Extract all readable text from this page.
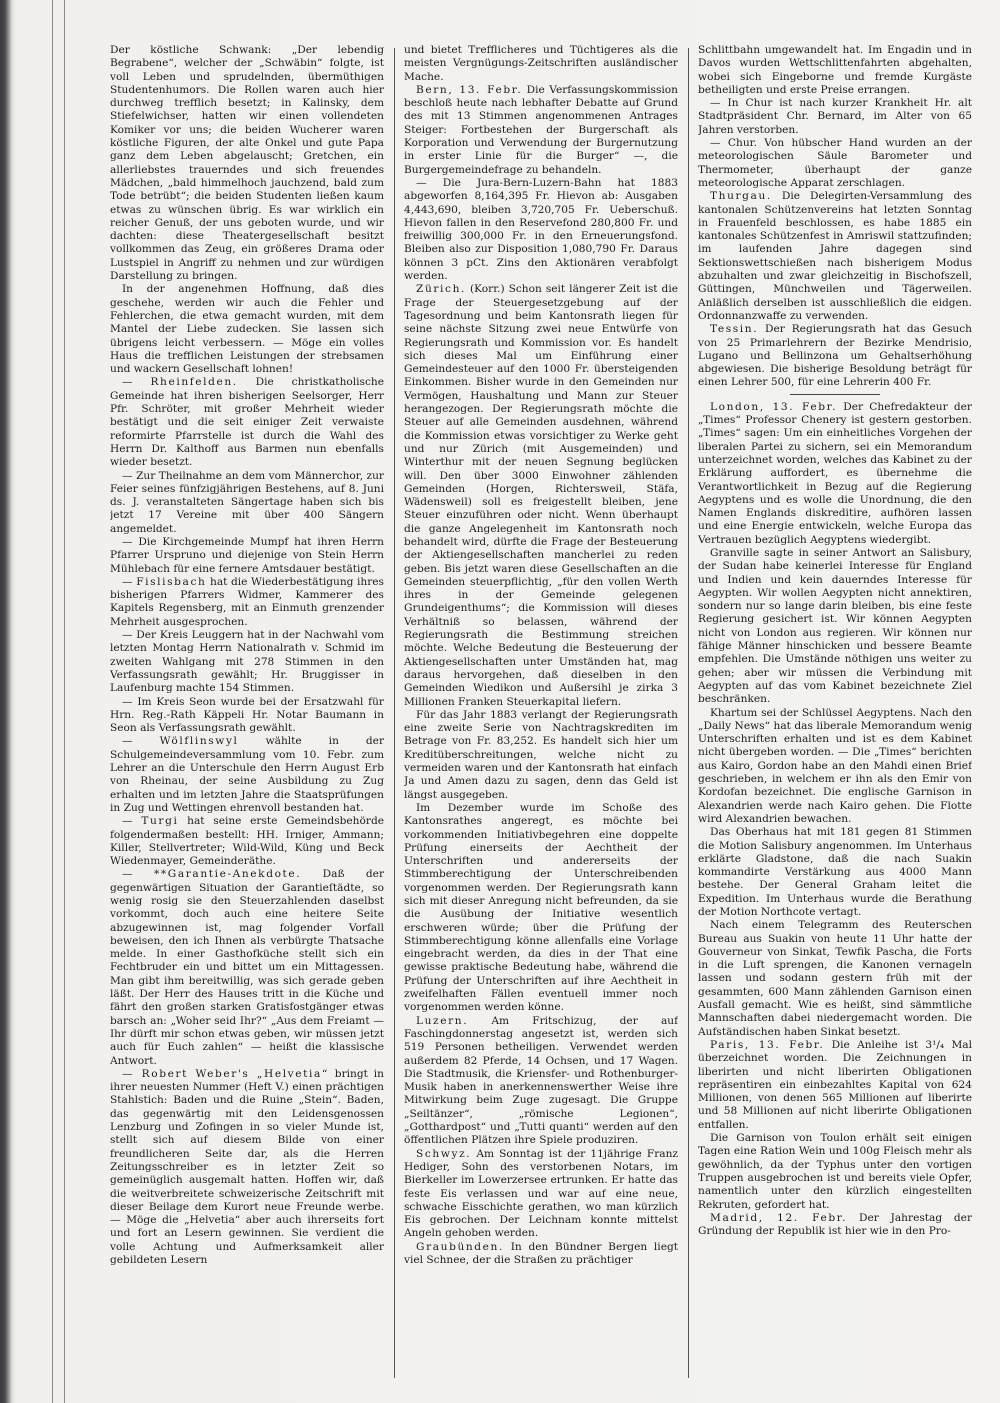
Der köstliche Schwank: „Der lebendig Begrabene“, welcher der „Schwäbin“ folgte, ist voll Leben und sprudelnden, übermüthigen Studentenhumors. Die Rollen waren auch hier durchweg trefflich besetzt; in Kalinsky, dem Stiefelwichser, hatten wir einen vollendeten Komiker vor uns; die beiden Wucherer waren köstliche Figuren, der alte Onkel und gute Papa ganz dem Leben abgelauscht; Gretchen, ein allerliebstes trauerndes und sich freuendes Mädchen, „bald himmelhoch jauchzend, bald zum Tode betrübt“; die beiden Studenten ließen kaum etwas zu wünschen übrig. Es war wirklich ein reicher Genuß, der uns geboten wurde, und wir dachten: diese Theatergesellschaft besitzt vollkommen das Zeug, ein größeres Drama oder Lustspiel in Angriff zu nehmen und zur würdigen Darstellung zu bringen.

In der angenehmen Hoffnung, daß dies geschehe, werden wir auch die Fehler und Fehlerchen, die etwa gemacht wurden, mit dem Mantel der Liebe zudecken. Sie lassen sich übrigens leicht verbessern. — Möge ein volles Haus die trefflichen Leistungen der strebsamen und wackern Gesellschaft lohnen!

— Rheinfelden. Die christkatholische Gemeinde hat ihren bisherigen Seelsorger, Herr Pfr. Schröter, mit großer Mehrheit wieder bestätigt und die seit einiger Zeit verwaiste reformirte Pfarrstelle ist durch die Wahl des Herrn Dr. Kalthoff aus Barmen nun ebenfalls wieder besetzt.

— Zur Theilnahme an dem vom Männerchor, zur Feier seines fünfzigjährigen Bestehens, auf 8. Juni ds. J. veranstalteten Sängertage haben sich bis jetzt 17 Vereine mit über 400 Sängern angemeldet.

— Die Kirchgemeinde Mumpf hat ihren Herrn Pfarrer Urspruno und diejenige von Stein Herrn Mühlebach für eine fernere Amtsdauer bestätigt.

— Fislisbach hat die Wiederbestätigung ihres bisherigen Pfarrers Widmer, Kammerer des Kapitels Regensberg, mit an Einmuth grenzender Mehrheit ausgesprochen.

— Der Kreis Leuggern hat in der Nachwahl vom letzten Montag Herrn Nationalrath v. Schmid im zweiten Wahlgang mit 278 Stimmen in den Verfassungsrath gewählt; Hr. Bruggisser in Laufenburg machte 154 Stimmen.

— Im Kreis Seon wurde bei der Ersatzwahl für Hrn. Reg.-Rath Käppeli Hr. Notar Baumann in Seon als Verfassungsrath gewählt.

— Wölflinswyl	wählte in der Schulgemeindeversammlung vom 10. Febr. zum Lehrer an die Unterschule den Herrn August Erb von Rheinau, der seine Ausbildung zu Zug erhalten und im letzten Jahre die Staatsprüfungen in Zug und Wettingen ehrenvoll bestanden hat.

— Turgi hat seine erste Gemeindsbehörde folgendermaßen bestellt: HH. Irniger, Ammann; Killer, Stellvertreter; Wild-Wild, Küng und Beck Wiedenmayer, Gemeinderäthe.

— **Garantie-Anekdote. Daß der gegenwärtigen Situation der Garantieſtädte, so wenig rosig sie den Steuerzahlenden daselbst vorkommt, doch auch eine heitere Seite abzugewinnen ist, mag folgender Vorfall beweisen, den ich Ihnen als verbürgte Thatsache melde. In einer Gasthofküche stellt sich ein Fechtbruder ein und bittet um ein Mittagessen. Man gibt ihm bereitwillig, was sich gerade geben läßt. Der Herr des Hauses tritt in die Küche und fährt den großen starken Gratisfostgänger etwas barsch an: „Woher seid Ihr?“ „Aus dem Freiamt — Ihr dürft mir schon etwas geben, wir müssen jetzt auch für Euch zahlen“ — heißt die klassische Antwort.

— Robert Weber's „Helvetia“ bringt in ihrer neuesten Nummer (Heft V.) einen prächtigen Stahlstich: Baden und die Ruine „Stein“. Baden, das gegenwärtig mit den Leidensgenossen Lenzburg und Zofingen in so vieler Munde ist, stellt sich auf diesem Bilde von einer freundlicheren Seite dar, als die Herren Zeitungsschreiber es in letzter Zeit so gemeinüglich ausgemalt hatten. Hoffen wir, daß die weitverbreitete schweizerische Zeitschrift mit dieser Beilage dem Kurort neue Freunde werbe. — Möge die „Helvetia“ aber auch ihrerseits fort und fort an Lesern gewinnen. Sie verdient die volle Achtung und Aufmerksamkeit aller gebildeten Lesern

und bietet Trefflicheres und Tüchtigeres als die meisten Vergnügungs-Zeitschriften ausländischer Mache.

Bern, 13. Febr. Die Verfassungskommission beschloß heute nach lebhafter Debatte auf Grund des mit 13 Stimmen angenommenen Antrages Steiger: Fortbestehen der Burgerschaft als Korporation und Verwendung der Burgernutzung in erster Linie für die Burger“ —, die Burgergemeindefrage zu behandeln.

— Die Jura-Bern-Luzern-Bahn hat 1883 abgeworfen 8,164,395 Fr. Hievon ab: Ausgaben 4,443,690, bleiben 3,720,705 Fr. Ueberschuß. Hievon fallen in den Reservefond 280,800 Fr. und freiwillig 300,000 Fr. in den Erneuerungsfond. Bleiben also zur Disposition 1,080,790 Fr. Daraus können 3 pCt. Zins den Aktionären verabfolgt werden.

Zürich. (Korr.) Schon seit längerer Zeit ist die Frage der Steuergesetzgebung auf der Tagesordnung und beim Kantonsrath liegen für seine nächste Sitzung zwei neue Entwürfe von Regierungsrath und Kommission vor. Es handelt sich dieses Mal um Einführung einer Gemeindesteuer auf den 1000 Fr. übersteigenden Einkommen. Bisher wurde in den Gemeinden nur Vermögen, Haushaltung und Mann zur Steuer herangezogen. Der Regierungsrath möchte die Steuer auf alle Gemeinden ausdehnen, während die Kommission etwas vorsichtiger zu Werke geht und nur Zürich (mit Ausgemeinden) und Winterthur mit der neuen Segnung beglücken will. Den über 3000 Einwohner zählenden Gemeinden (Horgen, Richtersweil, Stäfa, Wädensweil) soll es freigestellt bleiben, jene Steuer einzuführen oder nicht. Wenn überhaupt die ganze Angelegenheit im Kantonsrath noch behandelt wird, dürfte die Frage der Besteuerung der Aktiengesellschaften mancherlei zu reden geben. Bis jetzt waren diese Gesellschaften an die Gemeinden steuerpflichtig, „für den vollen Werth ihres in der Gemeinde gelegenen Grundeigenthums“; die Kommission will dieses Verhältniß so belassen, während der Regierungsrath die Bestimmung streichen möchte. Welche Bedeutung die Besteuerung der Aktiengesellschaften unter Umständen hat, mag daraus hervorgehen, daß dieselben in den Gemeinden Wiedikon und Außersihl je zirka 3 Millionen Franken Steuerkapital liefern.

Für das Jahr 1883 verlangt der Regierungsrath eine zweite Serie von Nachtragskrediten im Betrage von Fr. 83,252. Es handelt sich hier um Kreditüberschreitungen, welche nicht zu vermeiden waren und der Kantonsrath hat einfach Ja und Amen dazu zu sagen, denn das Geld ist längst ausgegeben.

Im Dezember wurde im Schoße des Kantonsrathes angeregt, es möchte bei vorkommenden Initiativbegehren eine doppelte Prüfung einerseits der Aechtheit der Unterschriften und andererseits der Stimmberechtigung der Unterschreibenden vorgenommen werden. Der Regierungsrath kann sich mit dieser Anregung nicht befreunden, da sie die Ausübung der Initiative wesentlich erschweren würde; über die Prüfung der Stimmberechtigung könne allenfalls eine Vorlage eingebracht werden, da dies in der That eine gewisse praktische Bedeutung habe, während die Prüfung der Unterschriften auf ihre Aechtheit in zweifelhaften Fällen eventuell immer noch vorgenommen werden könne.

Luzern. Am Fritschizug, der auf Faschingdonnerstag angesetzt ist, werden sich 519 Personen betheiligen. Verwendet werden außerdem 82 Pferde, 14 Ochsen, und 17 Wagen. Die Stadtmusik, die Kriensfer- und Rothenburger-Musik haben in anerkennenswerther Weise ihre Mitwirkung beim Zuge zugesagt. Die Gruppe „Seiltänzer“, „römische Legionen“, „Gotthardpost“ und „Tutti quanti“ werden auf den öffentlichen Plätzen ihre Spiele produziren.

Schwyz. Am Sonntag ist der 11jährige Franz Hediger, Sohn des verstorbenen Notars, im Bierkeller im Lowerzersee ertrunken. Er hatte das feste Eis verlassen und war auf eine neue, schwache Eisschichte gerathen, wo man kürzlich Eis gebrochen. Der Leichnam konnte mittelst Angeln gehoben werden.

Graubünden. In den Bündner Bergen liegt viel Schnee, der die Straßen zu prächtiger

Schlittbahn umgewandelt hat. Im Engadin und in Davos wurden Wettschlittenfahrten abgehalten, wobei sich Eingeborne und fremde Kurgäste betheiligten und erste Preise errangen.

— In Chur ist nach kurzer Krankheit Hr. alt Stadtpräsident Chr. Bernard, im Alter von 65 Jahren verstorben.

— Chur. Von hübscher Hand wurden an der meteorologischen Säule Barometer und Thermometer, überhaupt der ganze meteorologische Apparat zerschlagen.

Thurgau. Die Delegirten-Versammlung des kantonalen Schützenvereins hat letzten Sonntag in Frauenfeld beschlossen, es habe 1885 ein kantonales Schützenfest in Amriswil stattzufinden; im laufenden Jahre dagegen sind Sektionswettschießen nach bisherigem Modus abzuhalten und zwar gleichzeitig in Bischofszell, Güttingen, Münchweilen und Tägerweilen. Anläßlich derselben ist ausschließlich die eidgen. Ordonnanzwaffe zu verwenden.

Tessin. Der Regierungsrath hat das Gesuch von 25 Primarlehrern der Bezirke Mendrisio, Lugano und Bellinzona um Gehaltserhöhung abgewiesen. Die bisherige Besoldung beträgt für einen Lehrer 500, für eine Lehrerin 400 Fr.

London, 13. Febr. Der Chefredakteur der „Times“ Professor Chenery ist gestern gestorben. „Times“ sagen: Um ein einheitliches Vorgehen der liberalen Partei zu sichern, sei ein Memorandum unterzeichnet worden, welches das Kabinet zu der Erklärung auffordert, es übernehme die Verantwortlichkeit in Bezug auf die Regierung Aegyptens und es wolle die Unordnung, die den Namen Englands diskreditire, aufhören lassen und eine Energie entwickeln, welche Europa das Vertrauen bezüglich Aegyptens wiedergibt.

Granville sagte in seiner Antwort an Salisbury, der Sudan habe keinerlei Interesse für England und Indien und kein dauerndes Interesse für Aegypten. Wir wollen Aegypten nicht annektiren, sondern nur so lange darin bleiben, bis eine feste Regierung gesichert ist. Wir können Aegypten nicht von London aus regieren. Wir können nur fähige Männer hinschicken und bessere Beamte empfehlen. Die Umstände nöthigen uns weiter zu gehen; aber wir müssen die Verbindung mit Aegypten auf das vom Kabinet bezeichnete Ziel beschränken.

Khartum sei der Schlüssel Aegyptens. Nach den „Daily News“ hat das liberale Memorandum wenig Unterschriften erhalten und ist es dem Kabinet nicht übergeben worden. — Die „Times“ berichten aus Kairo, Gordon habe an den Mahdi einen Brief geschrieben, in welchem er ihn als den Emir von Kordofan bezeichnet. Die englische Garnison in Alexandrien werde nach Kairo gehen. Die Flotte wird Alexandrien bewachen.

Das Oberhaus hat mit 181 gegen 81 Stimmen die Motion Salisbury angenommen. Im Unterhaus erklärte Gladstone, daß die nach Suakin kommandirte Verstärkung aus 4000 Mann bestehe. Der General Graham leitet die Expedition. Im Unterhaus wurde die Berathung der Motion Northcote vertagt.

Nach einem Telegramm des Reuterschen Bureau aus Suakin von heute 11 Uhr hatte der Gouverneur von Sinkat, Tewfik Pascha, die Forts in die Luft sprengen, die Kanonen vernageln lassen und sodann gestern früh mit der gesammten, 600 Mann zählenden Garnison einen Ausfall gemacht. Wie es heißt, sind sämmtliche Mannschaften dabei niedergemacht worden. Die Aufständischen haben Sinkat besetzt.

Paris, 13. Febr. Die Anleihe ist 3¹/₄ Mal überzeichnet worden. Die Zeichnungen in liberirten und nicht liberirten Obligationen repräsentiren ein einbezahltes Kapital von 624 Millionen, von denen 565 Millionen auf liberirte und 58 Millionen auf nicht liberirte Obligationen entfallen.

Die Garnison von Toulon erhält seit einigen Tagen eine Ration Wein und 100g Fleisch mehr als gewöhnlich, da der Typhus unter den vortigen Truppen ausgebrochen ist und bereits viele Opfer, namentlich unter den kürzlich eingestellten Rekruten, gefordert hat.

Madrid, 12. Febr. Der Jahrestag der Gründung der Republik ist hier wie in den Pro-
